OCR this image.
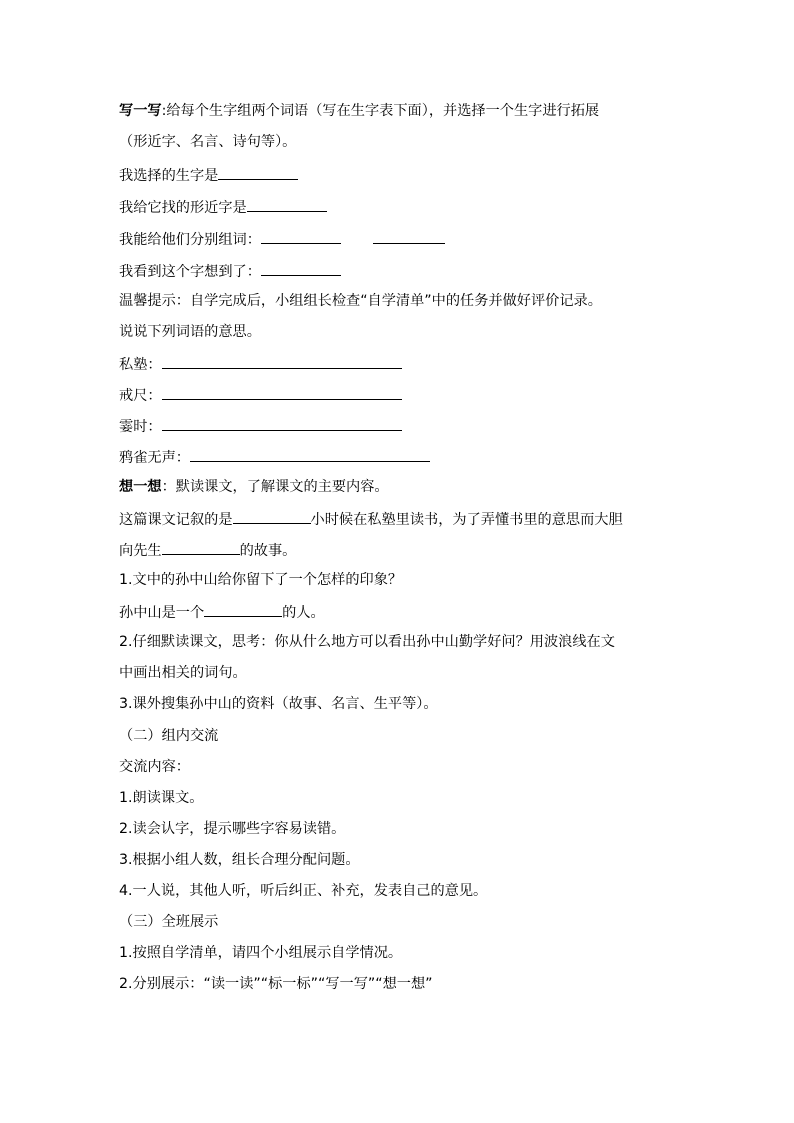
写一写:给每个生字组两个词语（写在生字表下面），并选择一个生字进行拓展
（形近字、名言、诗句等）。
我选择的生字是
我给它找的形近字是
我能给他们分别组词：
我看到这个字想到了：
温馨提示：自学完成后，小组组长检查“自学清单”中的任务并做好评价记录。
说说下列词语的意思。
私塾：
戒尺：
霎时：
鸦雀无声：
想一想：默读课文，了解课文的主要内容。
这篇课文记叙的是	小时候在私塾里读书，为了弄懂书里的意思而大胆
向先生	的故事。
1.文中的孙中山给你留下了一个怎样的印象？
孙中山是一个	的人。
2.仔细默读课文，思考：你从什么地方可以看出孙中山勤学好问？用波浪线在文
中画出相关的词句。
3.课外搜集孙中山的资料（故事、名言、生平等）。
（二）组内交流
交流内容：
1.朗读课文。
2.读会认字，提示哪些字容易读错。
3.根据小组人数，组长合理分配问题。
4.一人说，其他人听，听后纠正、补充，发表自己的意见。
（三）全班展示
1.按照自学清单，请四个小组展示自学情况。
2.分别展示：“读一读”“标一标”“写一写”“想一想”
